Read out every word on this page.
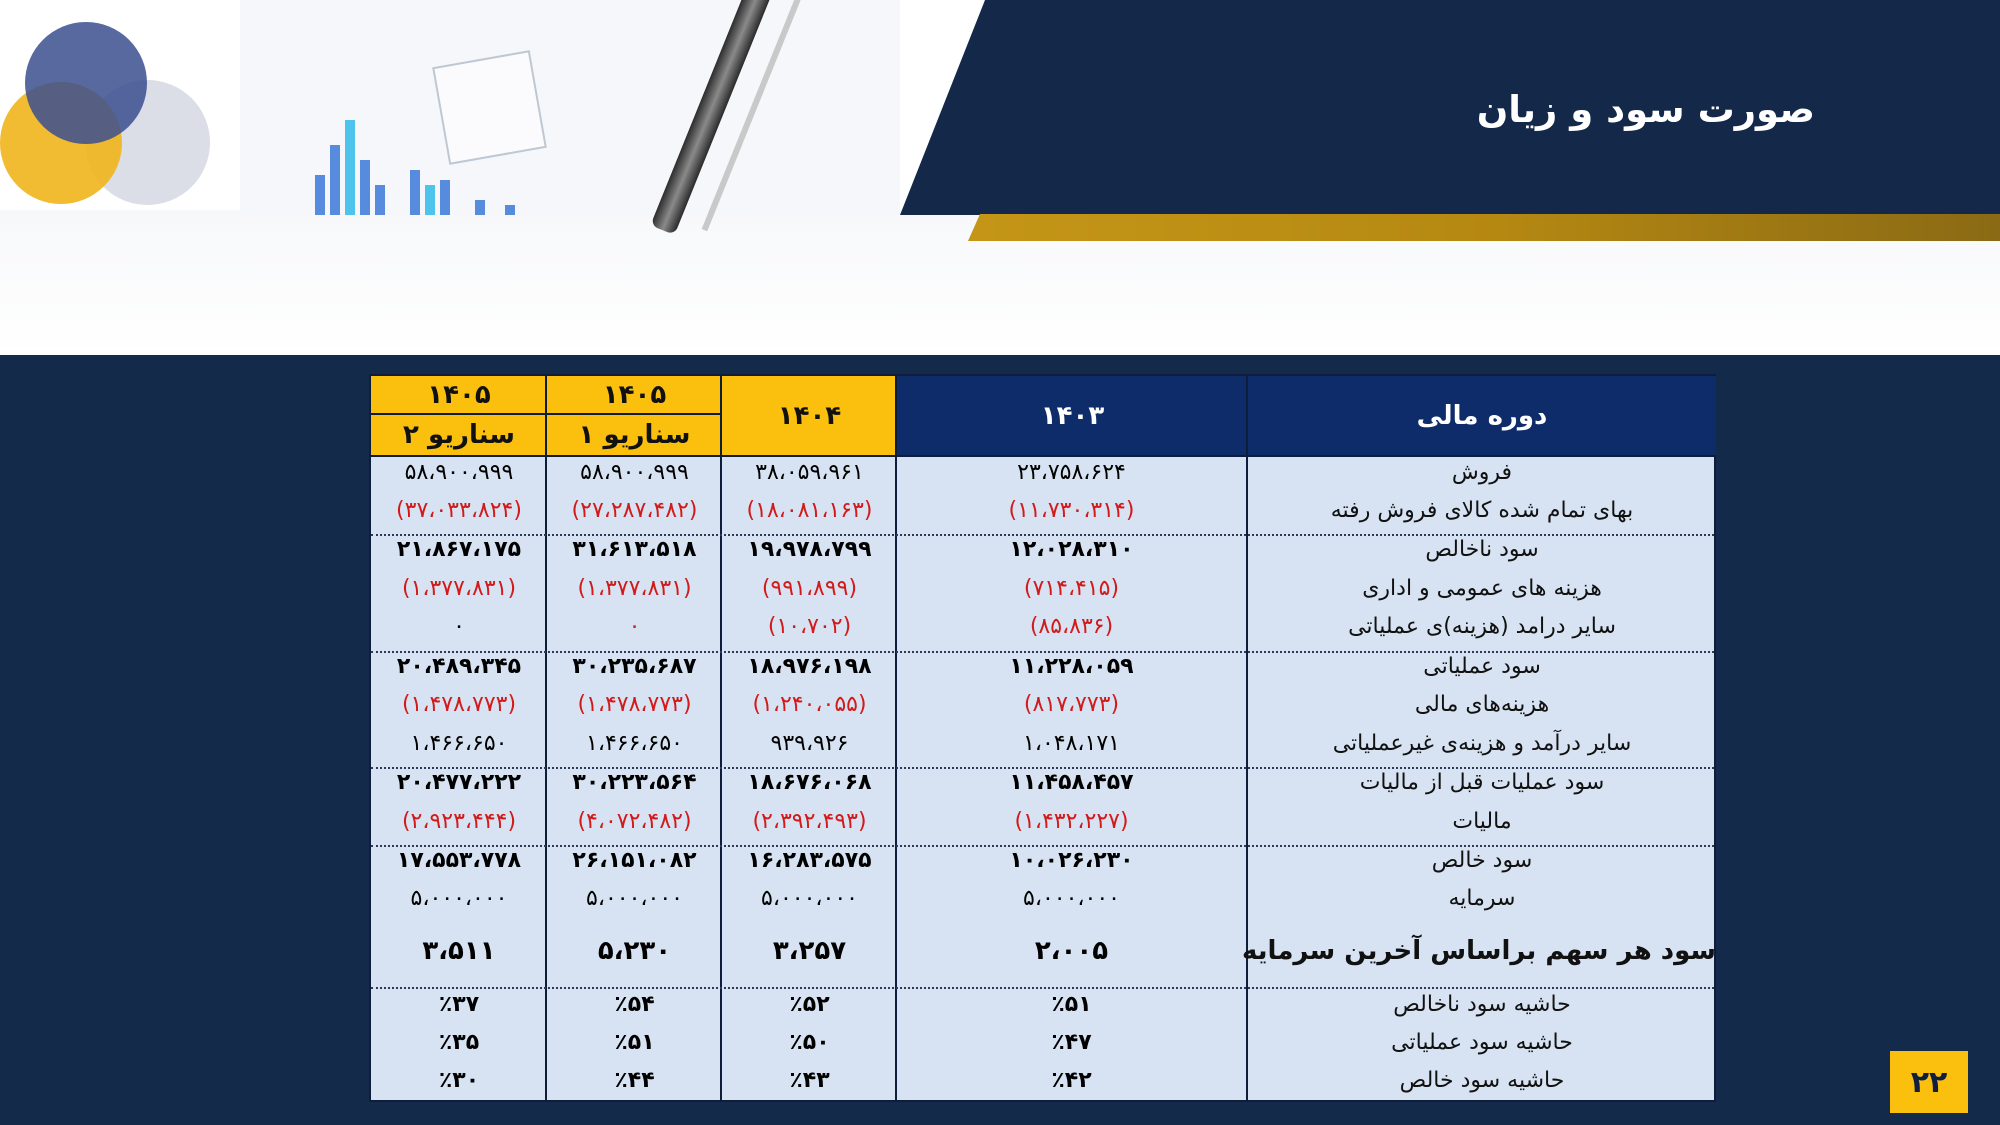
صورت سود و زیان
دوره مالی
۱۴۰۳
۱۴۰۴
۱۴۰۵
سناریو ۱
۱۴۰۵
سناریو ۲
فروش
۲۳،۷۵۸،۶۲۴
۳۸،۰۵۹،۹۶۱
۵۸،۹۰۰،۹۹۹
۵۸،۹۰۰،۹۹۹
بهای تمام شده کالای فروش رفته
(۱۱،۷۳۰،۳۱۴)
(۱۸،۰۸۱،۱۶۳)
(۲۷،۲۸۷،۴۸۲)
(۳۷،۰۳۳،۸۲۴)
سود ناخالص
۱۲،۰۲۸،۳۱۰
۱۹،۹۷۸،۷۹۹
۳۱،۶۱۳،۵۱۸
۲۱،۸۶۷،۱۷۵
هزینه های عمومی و اداری
(۷۱۴،۴۱۵)
(۹۹۱،۸۹۹)
(۱،۳۷۷،۸۳۱)
(۱،۳۷۷،۸۳۱)
سایر درامد (هزینه)ی عملیاتی
(۸۵،۸۳۶)
(۱۰،۷۰۲)
۰
۰
سود عملیاتی
۱۱،۲۲۸،۰۵۹
۱۸،۹۷۶،۱۹۸
۳۰،۲۳۵،۶۸۷
۲۰،۴۸۹،۳۴۵
هزینه‌های مالی
(۸۱۷،۷۷۳)
(۱،۲۴۰،۰۵۵)
(۱،۴۷۸،۷۷۳)
(۱،۴۷۸،۷۷۳)
سایر درآمد و هزینه‌ی غیرعملیاتی
۱،۰۴۸،۱۷۱
۹۳۹،۹۲۶
۱،۴۶۶،۶۵۰
۱،۴۶۶،۶۵۰
سود عملیات قبل از مالیات
۱۱،۴۵۸،۴۵۷
۱۸،۶۷۶،۰۶۸
۳۰،۲۲۳،۵۶۴
۲۰،۴۷۷،۲۲۲
مالیات
(۱،۴۳۲،۲۲۷)
(۲،۳۹۲،۴۹۳)
(۴،۰۷۲،۴۸۲)
(۲،۹۲۳،۴۴۴)
سود خالص
۱۰،۰۲۶،۲۳۰
۱۶،۲۸۳،۵۷۵
۲۶،۱۵۱،۰۸۲
۱۷،۵۵۳،۷۷۸
سرمایه
۵،۰۰۰،۰۰۰
۵،۰۰۰،۰۰۰
۵،۰۰۰،۰۰۰
۵،۰۰۰،۰۰۰
سود هر سهم براساس آخرین سرمایه
۲،۰۰۵
۳،۲۵۷
۵،۲۳۰
۳،۵۱۱
حاشیه سود ناخالص
٪۵۱
٪۵۲
٪۵۴
٪۳۷
حاشیه سود عملیاتی
٪۴۷
٪۵۰
٪۵۱
٪۳۵
حاشیه سود خالص
٪۴۲
٪۴۳
٪۴۴
٪۳۰	۲۲
